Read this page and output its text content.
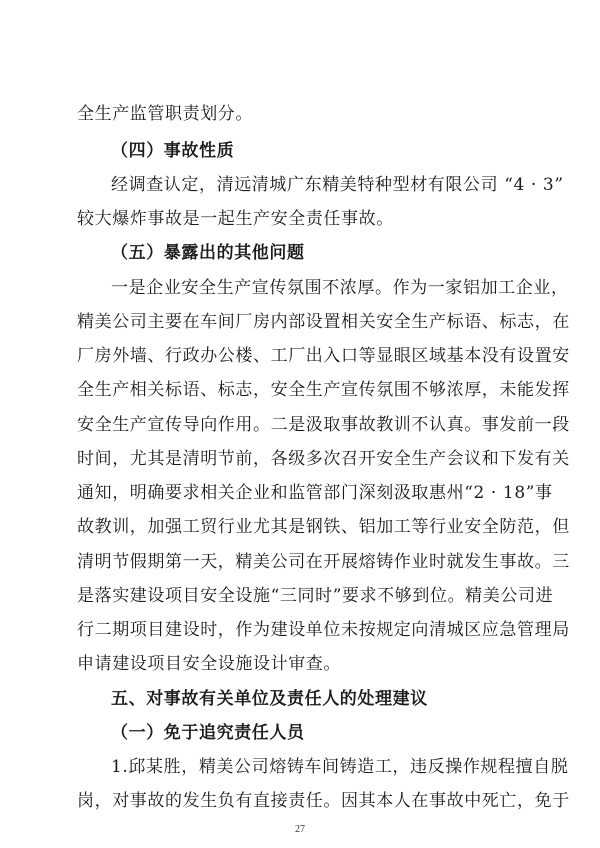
全生产监管职责划分。
（四）事故性质
经调查认定，清远清城广东精美特种型材有限公司 “4 · 3”
较大爆炸事故是一起生产安全责任事故。
（五）暴露出的其他问题
一是企业安全生产宣传氛围不浓厚。作为一家铝加工企业，
精美公司主要在车间厂房内部设置相关安全生产标语、标志，在
厂房外墙、行政办公楼、工厂出入口等显眼区域基本没有设置安
全生产相关标语、标志，安全生产宣传氛围不够浓厚，未能发挥
安全生产宣传导向作用。二是汲取事故教训不认真。事发前一段
时间，尤其是清明节前，各级多次召开安全生产会议和下发有关
通知，明确要求相关企业和监管部门深刻汲取惠州“2 · 18”事
故教训，加强工贸行业尤其是钢铁、铝加工等行业安全防范，但
清明节假期第一天，精美公司在开展熔铸作业时就发生事故。三
是落实建设项目安全设施“三同时”要求不够到位。精美公司进
行二期项目建设时，作为建设单位未按规定向清城区应急管理局
申请建设项目安全设施设计审查。
五、对事故有关单位及责任人的处理建议
（一）免于追究责任人员
1.邱某胜，精美公司熔铸车间铸造工，违反操作规程擅自脱
岗，对事故的发生负有直接责任。因其本人在事故中死亡，免于
27
